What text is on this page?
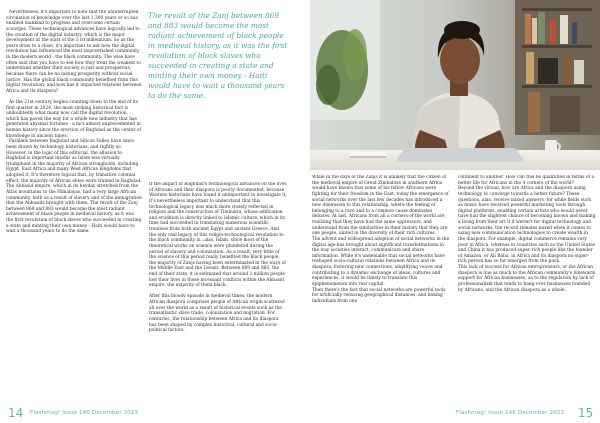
Nevertheless, it's important to note that the uninterrupted circulation of knowledge over the last 1,300 years or so has enabled mankind to progress and overcome certain scourges. These technological advances have logically led to the creation of the digital industry, which is the major development at the start of the 3 rd millennium. So as the years draw to a close, it's important to ask how the digital revolution has influenced the most impoverished community in the modern world - the black community. The wise have often said that you have to see how they treat the weakest to understand whether their society is just and prosperous, because there can be no lasting prosperity without social justice. Has the global black community benefited from this digital revolution; and how has it impacted relations between Africa and its diaspora?

As the 21st century begins counting down to the end of its first quarter in 2024, the most striking historical fact is undoubtedly what many now call the digital revolution, which has paved the way for a whole new industry that has generated abysmal fortunes - a fact almost unprecedented in human history since the erection of Baghdad as the center of knowledge in ancient times.

Parallels between Baghdad and Silicon Valley have since been drawn by technology historians, and rightly so. However, in the logic of this editorial, the allusion to Baghdad is important insofar as Islam was virtually triumphant in the majority of African strongholds, including Egypt, East Africa and many West African kingdoms that adopted it. It's therefore logical that, by transitive colonial effect, the majority of African elites were trained in Baghdad. The Abbasid empire, which in its heyday stretched from the Atlas mountains to the Himalayas, had a very large African community, both as a result of slavery and of the immigration that the Abbasids brought with them. The revolt of the Zanj between 869 and 883 would become the most radiant achievement of black people in medieval history, as it was the first revolution of black slaves who succeeded in creating a state and minting their own money - Haiti would have to wait a thousand years to do the same.

The revolt of the Zanj between 869 and 883 would become the most radiant achievement of black people in medieval history, as it was the first revolution of black slaves who succeeded in creating a state and minting their own money - Haiti would have to wait a thousand years to do the same.

If the impact of Baghdad's technological advances on the lives of Africans and their diaspora is poorly documented, because Western historians have found it unimportant to investigate it, it's nevertheless important to understand that this technological legacy was much more closely reflected in religion and the construction of Timbuktu, whose edification and erudition is directly linked to Islamic culture, which in its time had succeeded in translating numerous scientific treatises from both ancient Egypt and ancient Greece. And the only real legacy of this religio-technological revolution to the black community is...alas, Islam, since most of the theoretical works on science were plundered during the period of slavery and colonization. As a result, very little of the science of this period really benefited the black people, the majority of Zanjs having been exterminated in the ways of the Middle East and the Levant. Between 869 and 883, the end of their state, it is estimated that around 1 million people lost their lives in these incessant conflicts within the Abbasid empire, the majority of them black.

After this bloody episode in medieval times, the modern African diaspora comprises people of African origin scattered all over the world as a result of historical events such as the transatlantic slave trade, colonization and migration. For centuries, the relationship between Africa and its diaspora has been shaped by complex historical, cultural and socio-political factors.

While in the days of the Zanjs it is unlikely that the citizen of the medieval empire of Great Zimbabwe in southern Africa would have known that some of his fellow Africans were fighting for their freedom in the East, today the emergence of social networks over the last few decades has introduced a new dimension to this relationship, where the feeling of belonging to a race and to a common cause dominates debates. At last, Africans from all a corners of the world are realizing that they have had the same oppressors, and understand from the similarities in their history that they are one people, united in the diversity of their rich cultures.

The advent and widespread adoption of social networks in the digital age has brought about significant transformations in the way societies interact, communicate and share information. While it's undeniable that social networks have reshaped socio-cultural relations between Africa and its diaspora, fostering new connections, amplifying voices and contributing to a dynamic exchange of ideas, cultures and experiences, it would be timely to translate this epiphenomenon into real capital.

Then there's the fact that social networks are powerful tools for artificially reducing geographical distances, and linking individuals from one

continent to another. How can this be quantified in terms of a better life for Africans in the 4 corners of the world?

Beyond the virtual, how are Africa and the diaspora using technology to converge towards a better future? These questions, alas, receive mixed answers, for while fields such as music have received powerful marketing tools through digital platforms, enabling certain artists who would never have had the slightest chance of becoming known and making a living from their art if it weren't for digital technology and social networks, the record remains mixed when it comes to using new communication technologies to create wealth in the diaspora. For example, digital commerce remains very poor in Africa, whereas in countries such as the United States and China it has produced super-rich people like the founder of Amazon, or Ali Baba, in Africa and its diaspora no super-rich person has so far emerged from the pack.

This lack of success for African entrepreneurs, or the African diaspora is due as much to the African community's lukewarm support for African businesses, as to the regulation by lack of professionalism that tends to hang over businesses founded by Africans, and the African diaspora as a whole.

14 Flashmag! Issue 146 December 2023	Flashmag! Issue 146 December 2023 15
